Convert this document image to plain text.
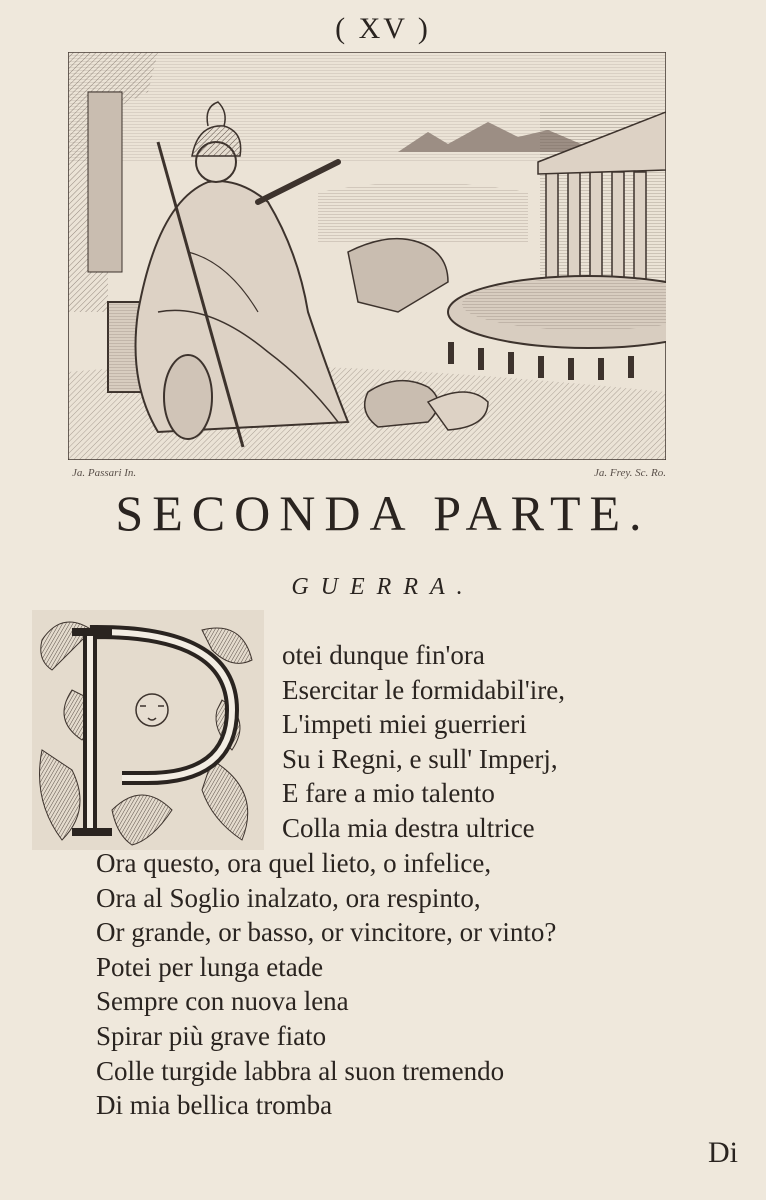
( XV )
Ja. Passari In.	Ja. Frey. Sc. Ro.
SECONDA PARTE.
GUERRA.
otei dunque fin'ora
Esercitar le formidabil'ire,
L'impeti miei guerrieri
Su i Regni, e sull' Imperj,
E fare a mio talento
Colla mia destra ultrice
Ora questo, ora quel lieto, o infelice,
Ora al Soglio inalzato, ora respinto,
Or grande, or basso, or vincitore, or vinto?
Potei per lunga etade
Sempre con nuova lena
Spirar più grave fiato
Colle turgide labbra al suon tremendo
Di mia bellica tromba
Di
